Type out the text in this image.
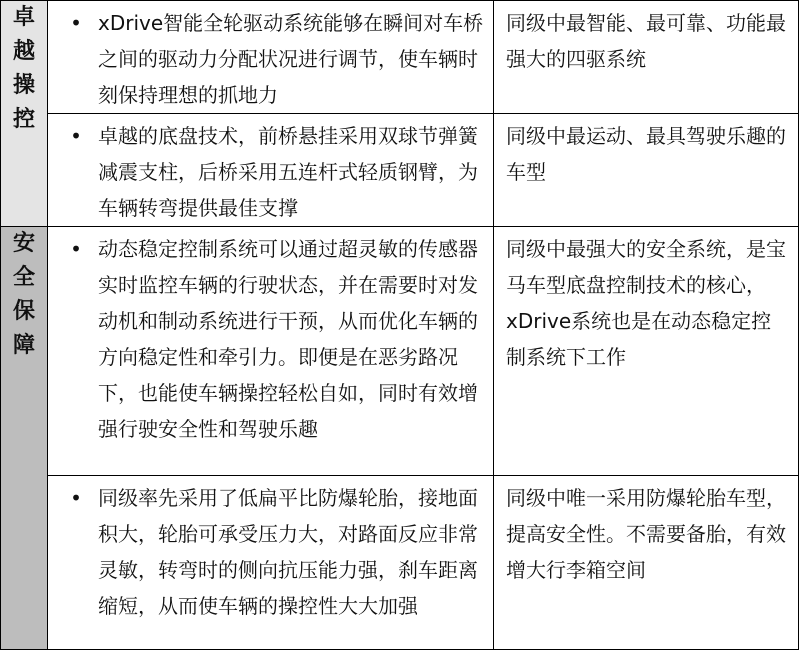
卓越操控	• xDrive智能全轮驱动系统能够在瞬间对车桥之间的驱动力分配状况进行调节，使车辆时刻保持理想的抓地力	同级中最智能、最可靠、功能最强大的四驱系统

	• 卓越的底盘技术，前桥悬挂采用双球节弹簧减震支柱，后桥采用五连杆式轻质钢臂，为车辆转弯提供最佳支撑	同级中最运动、最具驾驶乐趣的车型

安全保障	• 动态稳定控制系统可以通过超灵敏的传感器实时监控车辆的行驶状态，并在需要时对发动机和制动系统进行干预，从而优化车辆的方向稳定性和牵引力。即便是在恶劣路况下，也能使车辆操控轻松自如，同时有效增强行驶安全性和驾驶乐趣	同级中最强大的安全系统，是宝马车型底盘控制技术的核心，xDrive系统也是在动态稳定控制系统下工作

	• 同级率先采用了低扁平比防爆轮胎，接地面积大，轮胎可承受压力大，对路面反应非常灵敏，转弯时的侧向抗压能力强，刹车距离缩短，从而使车辆的操控性大大加强	同级中唯一采用防爆轮胎车型，提高安全性。不需要备胎，有效增大行李箱空间
